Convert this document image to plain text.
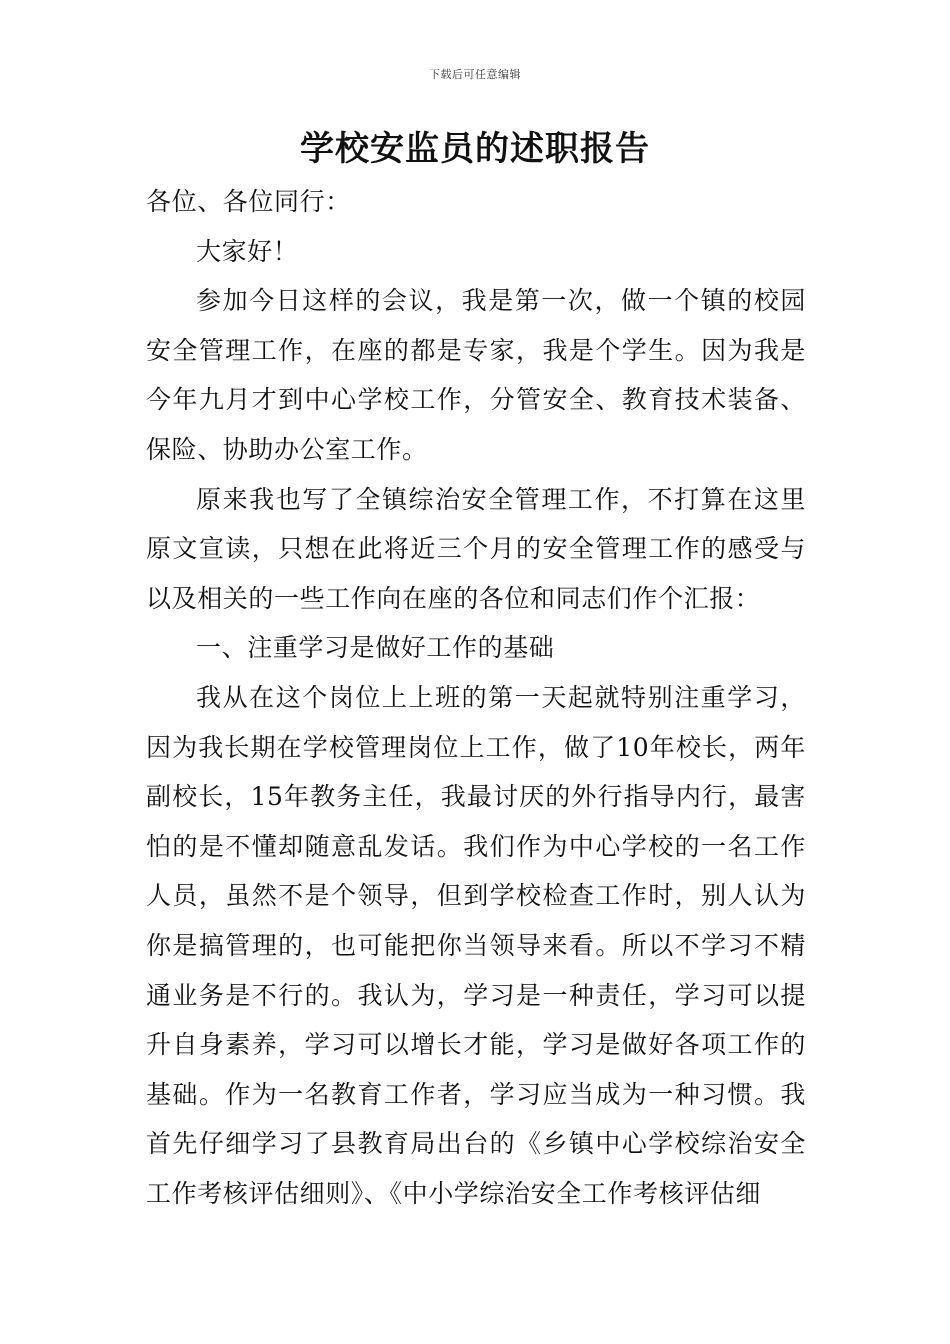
下载后可任意编辑
学校安监员的述职报告

各位、各位同行：

大家好！

参加今日这样的会议，我是第一次，做一个镇的校园安全管理工作，在座的都是专家，我是个学生。因为我是今年九月才到中心学校工作，分管安全、教育技术装备、保险、协助办公室工作。

原来我也写了全镇综治安全管理工作，不打算在这里原文宣读，只想在此将近三个月的安全管理工作的感受与以及相关的一些工作向在座的各位和同志们作个汇报：

一、注重学习是做好工作的基础

我从在这个岗位上上班的第一天起就特别注重学习，因为我长期在学校管理岗位上工作，做了10年校长，两年副校长，15年教务主任，我最讨厌的外行指导内行，最害怕的是不懂却随意乱发话。我们作为中心学校的一名工作人员，虽然不是个领导，但到学校检查工作时，别人认为你是搞管理的，也可能把你当领导来看。所以不学习不精通业务是不行的。我认为，学习是一种责任，学习可以提升自身素养，学习可以增长才能，学习是做好各项工作的基础。作为一名教育工作者，学习应当成为一种习惯。我首先仔细学习了县教育局出台的《乡镇中心学校综治安全工作考核评估细则》、《中小学综治安全工作考核评估细
